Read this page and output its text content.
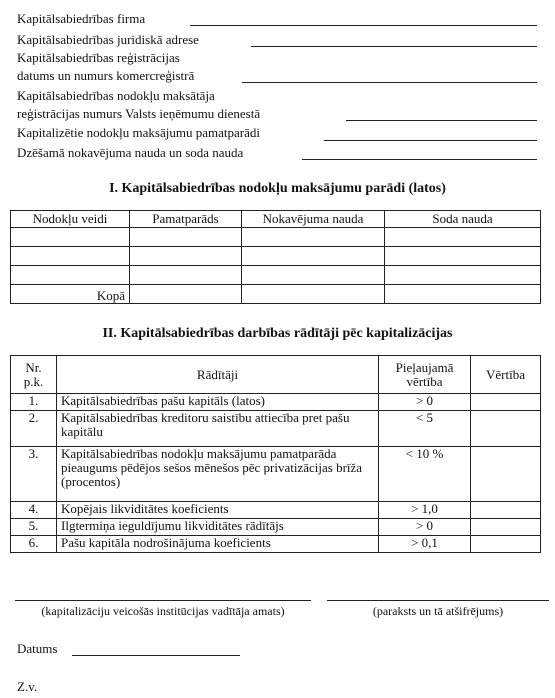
Kapitālsabiedrības firma
Kapitālsabiedrības juridiskā adrese
Kapitālsabiedrības reģistrācijas
datums un numurs komercreģistrā
Kapitālsabiedrības nodokļu maksātāja
reģistrācijas numurs Valsts ieņēmumu dienestā
Kapitalizētie nodokļu maksājumu pamatparādi
Dzēšamā nokavējuma nauda un soda nauda
I. Kapitālsabiedrības nodokļu maksājumu parādi (latos)
Nodokļu veidi	Pamatparāds	Nokavējuma nauda	Soda nauda

Kopā			
II. Kapitālsabiedrības darbības rādītāji pēc kapitalizācijas
Nr. p.k.	Rādītāji	Pieļaujamā vērtība	Vērtība
1.	Kapitālsabiedrības pašu kapitāls (latos)	> 0	
2.	Kapitālsabiedrības kreditoru saistību attiecība pret pašu kapitālu	< 5	
3.	Kapitālsabiedrības nodokļu maksājumu pamatparāda pieaugums pēdējos sešos mēnešos pēc privatizācijas brīža (procentos)	< 10 %	
4.	Kopējais likviditātes koeficients	> 1,0	
5.	Ilgtermiņa ieguldījumu likviditātes rādītājs	> 0	
6.	Pašu kapitāla nodrošinājuma koeficients	> 0,1	
(kapitalizāciju veicošās institūcijas vadītāja amats)	(paraksts un tā atšifrējums)
Datums
Z.v.
